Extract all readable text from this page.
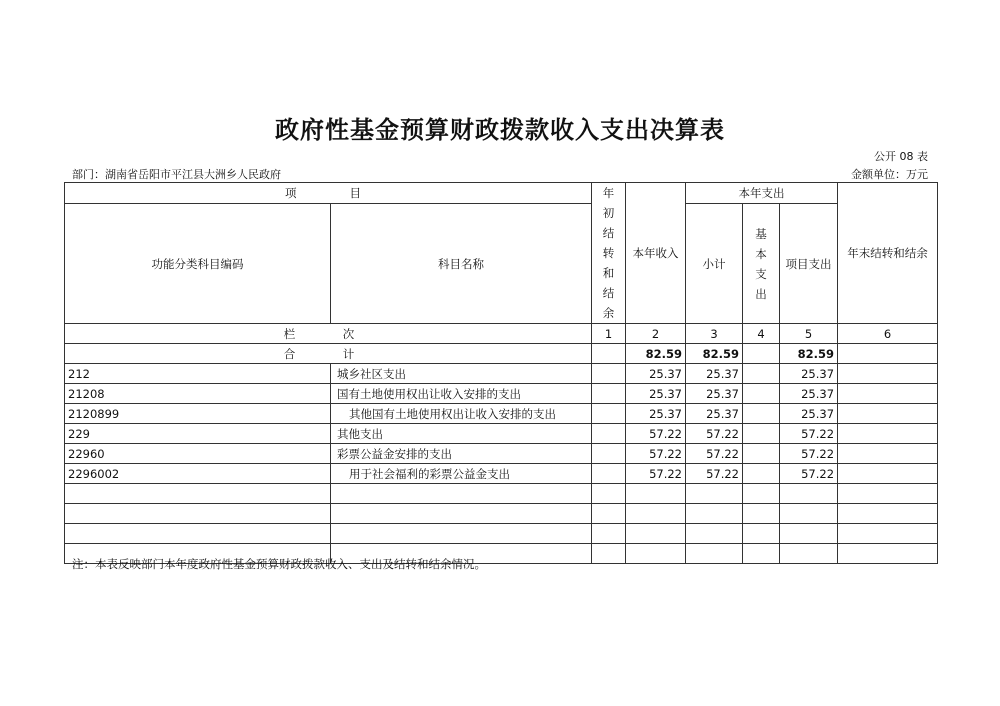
政府性基金预算财政拨款收入支出决算表
公开 08 表
部门：湖南省岳阳市平江县大洲乡人民政府	金额单位：万元
项　　目		年初结转和结余	本年收入	本年支出			年末结转和结余

功能分类科目编码	科目名称			小计	基本支出	项目支出	

栏　次		1	2	3	4	5	6
合　计			82.59	82.59		82.59	
212	城乡社区支出		25.37	25.37		25.37	
21208	国有土地使用权出让收入安排的支出		25.37	25.37		25.37	
2120899	其他国有土地使用权出让收入安排的支出		25.37	25.37		25.37	
229	其他支出		57.22	57.22		57.22	
22960	彩票公益金安排的支出		57.22	57.22		57.22	
2296002	用于社会福利的彩票公益金支出		57.22	57.22		57.22	

注：本表反映部门本年度政府性基金预算财政拨款收入、支出及结转和结余情况。
